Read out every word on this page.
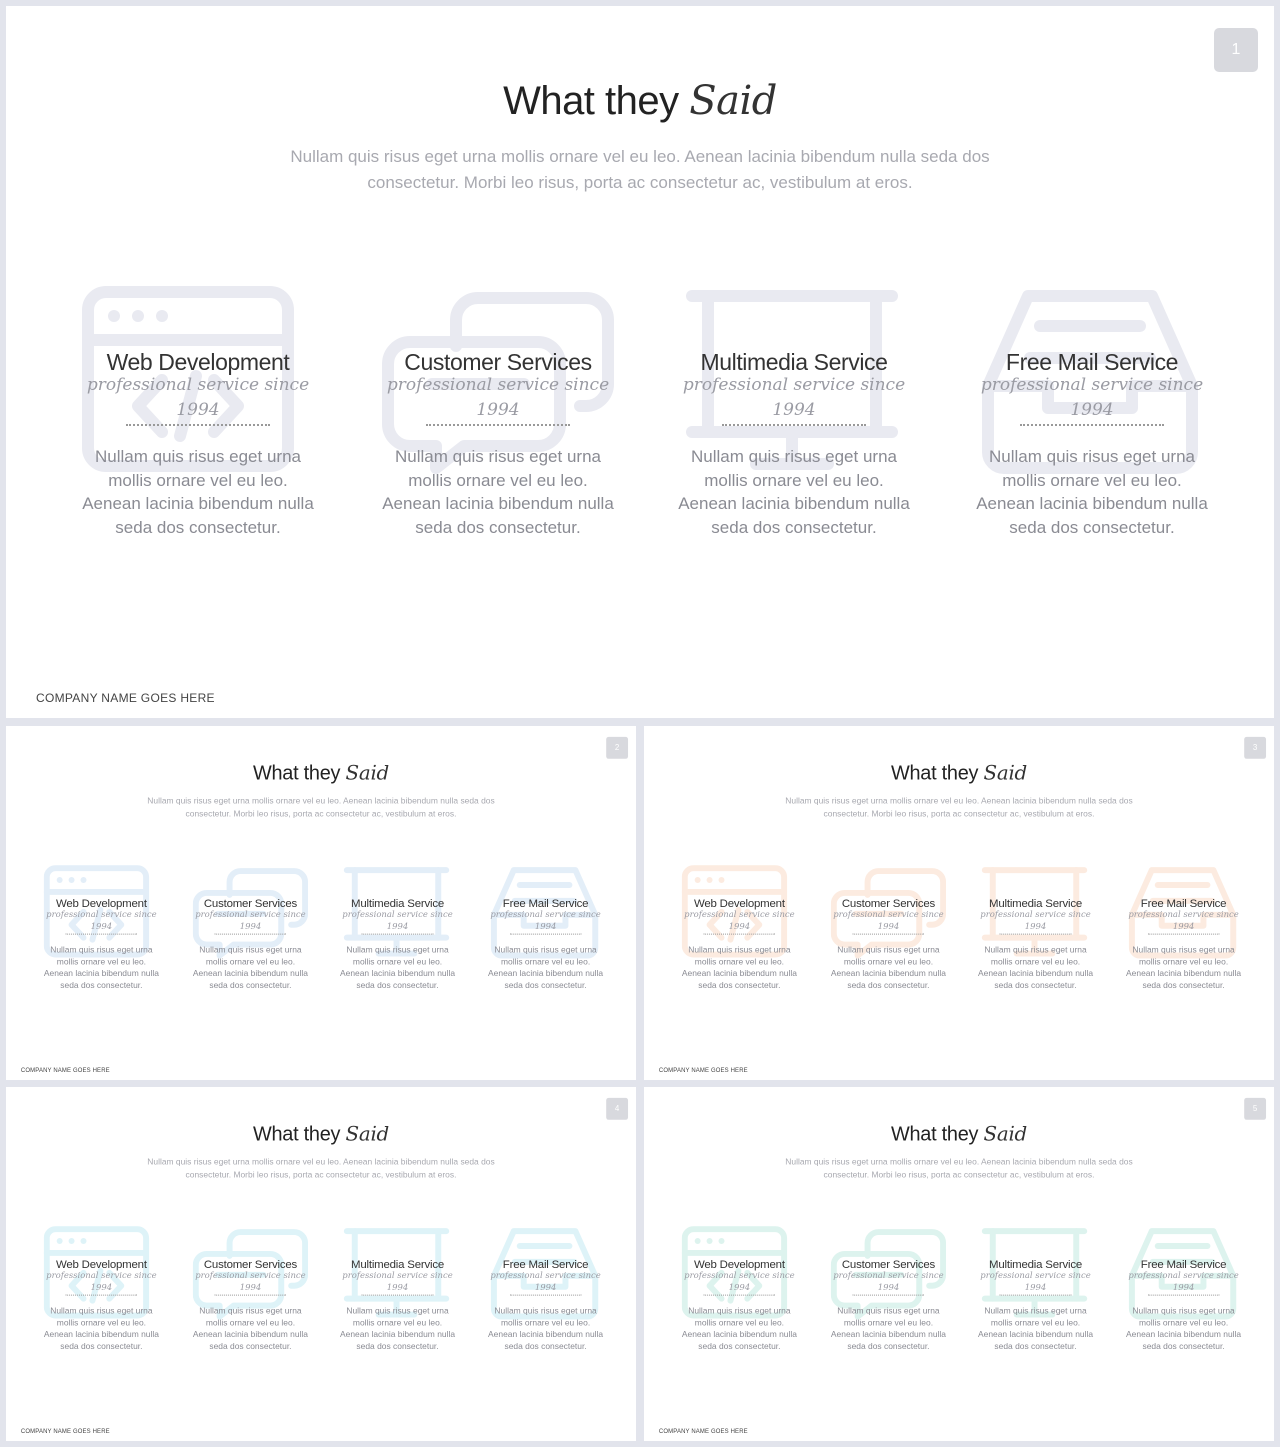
1
What they Said
Nullam quis risus eget urna mollis ornare vel eu leo. Aenean lacinia bibendum nulla seda dos consectetur. Morbi leo risus, porta ac consectetur ac, vestibulum at eros.
Web Development
professional service since 1994
Nullam quis risus eget urna mollis ornare vel eu leo. Aenean lacinia bibendum nulla seda dos consectetur.
Customer Services
professional service since 1994
Nullam quis risus eget urna mollis ornare vel eu leo. Aenean lacinia bibendum nulla seda dos consectetur.
Multimedia Service
professional service since 1994
Nullam quis risus eget urna mollis ornare vel eu leo. Aenean lacinia bibendum nulla seda dos consectetur.
Free Mail Service
professional service since 1994
Nullam quis risus eget urna mollis ornare vel eu leo. Aenean lacinia bibendum nulla seda dos consectetur.
COMPANY NAME GOES HERE
2
What they Said
Nullam quis risus eget urna mollis ornare vel eu leo. Aenean lacinia bibendum nulla seda dos consectetur. Morbi leo risus, porta ac consectetur ac, vestibulum at eros.
Web Development
professional service since 1994
Nullam quis risus eget urna mollis ornare vel eu leo. Aenean lacinia bibendum nulla seda dos consectetur.
Customer Services
professional service since 1994
Nullam quis risus eget urna mollis ornare vel eu leo. Aenean lacinia bibendum nulla seda dos consectetur.
Multimedia Service
professional service since 1994
Nullam quis risus eget urna mollis ornare vel eu leo. Aenean lacinia bibendum nulla seda dos consectetur.
Free Mail Service
professional service since 1994
Nullam quis risus eget urna mollis ornare vel eu leo. Aenean lacinia bibendum nulla seda dos consectetur.
COMPANY NAME GOES HERE
3
What they Said
Nullam quis risus eget urna mollis ornare vel eu leo. Aenean lacinia bibendum nulla seda dos consectetur. Morbi leo risus, porta ac consectetur ac, vestibulum at eros.
Web Development
professional service since 1994
Nullam quis risus eget urna mollis ornare vel eu leo. Aenean lacinia bibendum nulla seda dos consectetur.
Customer Services
professional service since 1994
Nullam quis risus eget urna mollis ornare vel eu leo. Aenean lacinia bibendum nulla seda dos consectetur.
Multimedia Service
professional service since 1994
Nullam quis risus eget urna mollis ornare vel eu leo. Aenean lacinia bibendum nulla seda dos consectetur.
Free Mail Service
professional service since 1994
Nullam quis risus eget urna mollis ornare vel eu leo. Aenean lacinia bibendum nulla seda dos consectetur.
COMPANY NAME GOES HERE
4
What they Said
Nullam quis risus eget urna mollis ornare vel eu leo. Aenean lacinia bibendum nulla seda dos consectetur. Morbi leo risus, porta ac consectetur ac, vestibulum at eros.
Web Development
professional service since 1994
Nullam quis risus eget urna mollis ornare vel eu leo. Aenean lacinia bibendum nulla seda dos consectetur.
Customer Services
professional service since 1994
Nullam quis risus eget urna mollis ornare vel eu leo. Aenean lacinia bibendum nulla seda dos consectetur.
Multimedia Service
professional service since 1994
Nullam quis risus eget urna mollis ornare vel eu leo. Aenean lacinia bibendum nulla seda dos consectetur.
Free Mail Service
professional service since 1994
Nullam quis risus eget urna mollis ornare vel eu leo. Aenean lacinia bibendum nulla seda dos consectetur.
COMPANY NAME GOES HERE
5
What they Said
Nullam quis risus eget urna mollis ornare vel eu leo. Aenean lacinia bibendum nulla seda dos consectetur. Morbi leo risus, porta ac consectetur ac, vestibulum at eros.
Web Development
professional service since 1994
Nullam quis risus eget urna mollis ornare vel eu leo. Aenean lacinia bibendum nulla seda dos consectetur.
Customer Services
professional service since 1994
Nullam quis risus eget urna mollis ornare vel eu leo. Aenean lacinia bibendum nulla seda dos consectetur.
Multimedia Service
professional service since 1994
Nullam quis risus eget urna mollis ornare vel eu leo. Aenean lacinia bibendum nulla seda dos consectetur.
Free Mail Service
professional service since 1994
Nullam quis risus eget urna mollis ornare vel eu leo. Aenean lacinia bibendum nulla seda dos consectetur.
COMPANY NAME GOES HERE
